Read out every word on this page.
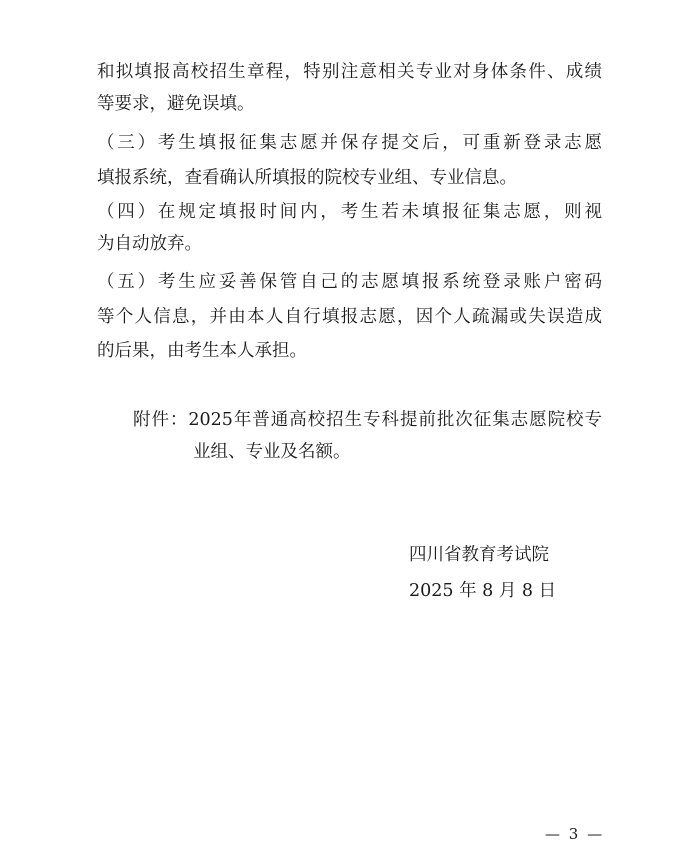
和拟填报高校招生章程，特别注意相关专业对身体条件、成绩
等要求，避免误填。
（三）考生填报征集志愿并保存提交后，可重新登录志愿
填报系统，查看确认所填报的院校专业组、专业信息。
（四）在规定填报时间内，考生若未填报征集志愿，则视
为自动放弃。
（五）考生应妥善保管自己的志愿填报系统登录账户密码
等个人信息，并由本人自行填报志愿，因个人疏漏或失误造成
的后果，由考生本人承担。
附件：2025年普通高校招生专科提前批次征集志愿院校专
业组、专业及名额。
四川省教育考试院
2025 年 8 月 8 日
— 3 —
